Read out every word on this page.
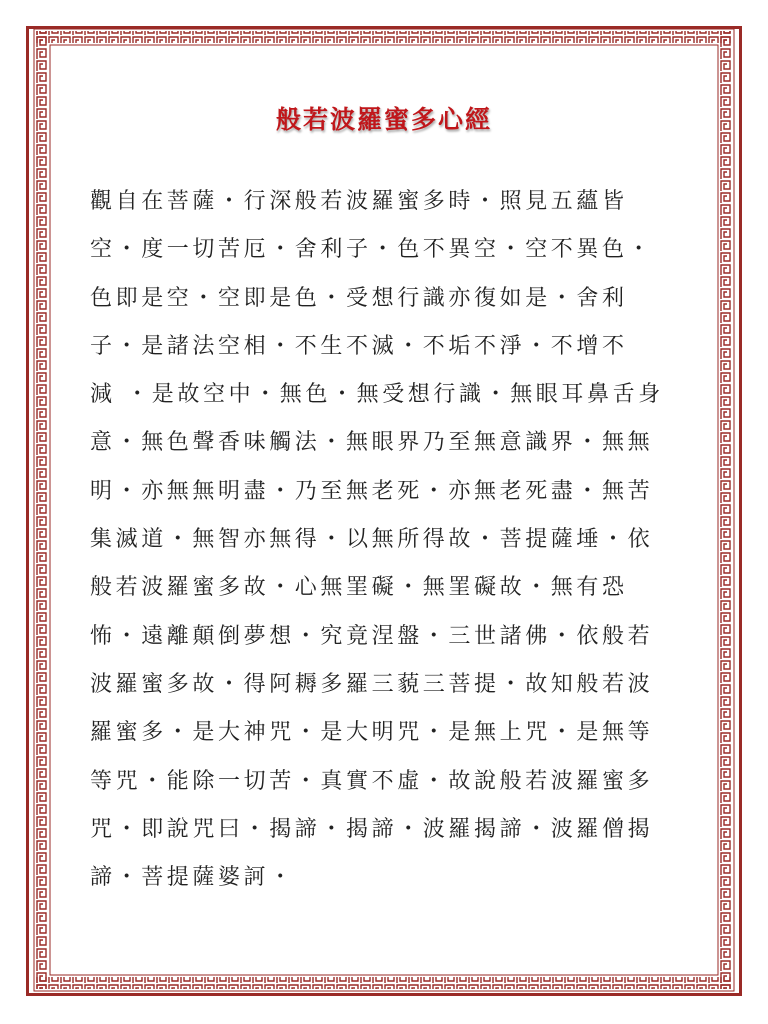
般若波羅蜜多心經
觀自在菩薩・行深般若波羅蜜多時・照見五蘊皆
空・度一切苦厄・舍利子・色不異空・空不異色・
色即是空・空即是色・受想行識亦復如是・舍利
子・是諸法空相・不生不滅・不垢不淨・不增不
減 ・是故空中・無色・無受想行識・無眼耳鼻舌身
意・無色聲香味觸法・無眼界乃至無意識界・無無
明・亦無無明盡・乃至無老死・亦無老死盡・無苦
集滅道・無智亦無得・以無所得故・菩提薩埵・依
般若波羅蜜多故・心無罣礙・無罣礙故・無有恐
怖・遠離顛倒夢想・究竟涅盤・三世諸佛・依般若
波羅蜜多故・得阿耨多羅三藐三菩提・故知般若波
羅蜜多・是大神咒・是大明咒・是無上咒・是無等
等咒・能除一切苦・真實不虛・故說般若波羅蜜多
咒・即說咒曰・揭諦・揭諦・波羅揭諦・波羅僧揭
諦・菩提薩婆訶・
